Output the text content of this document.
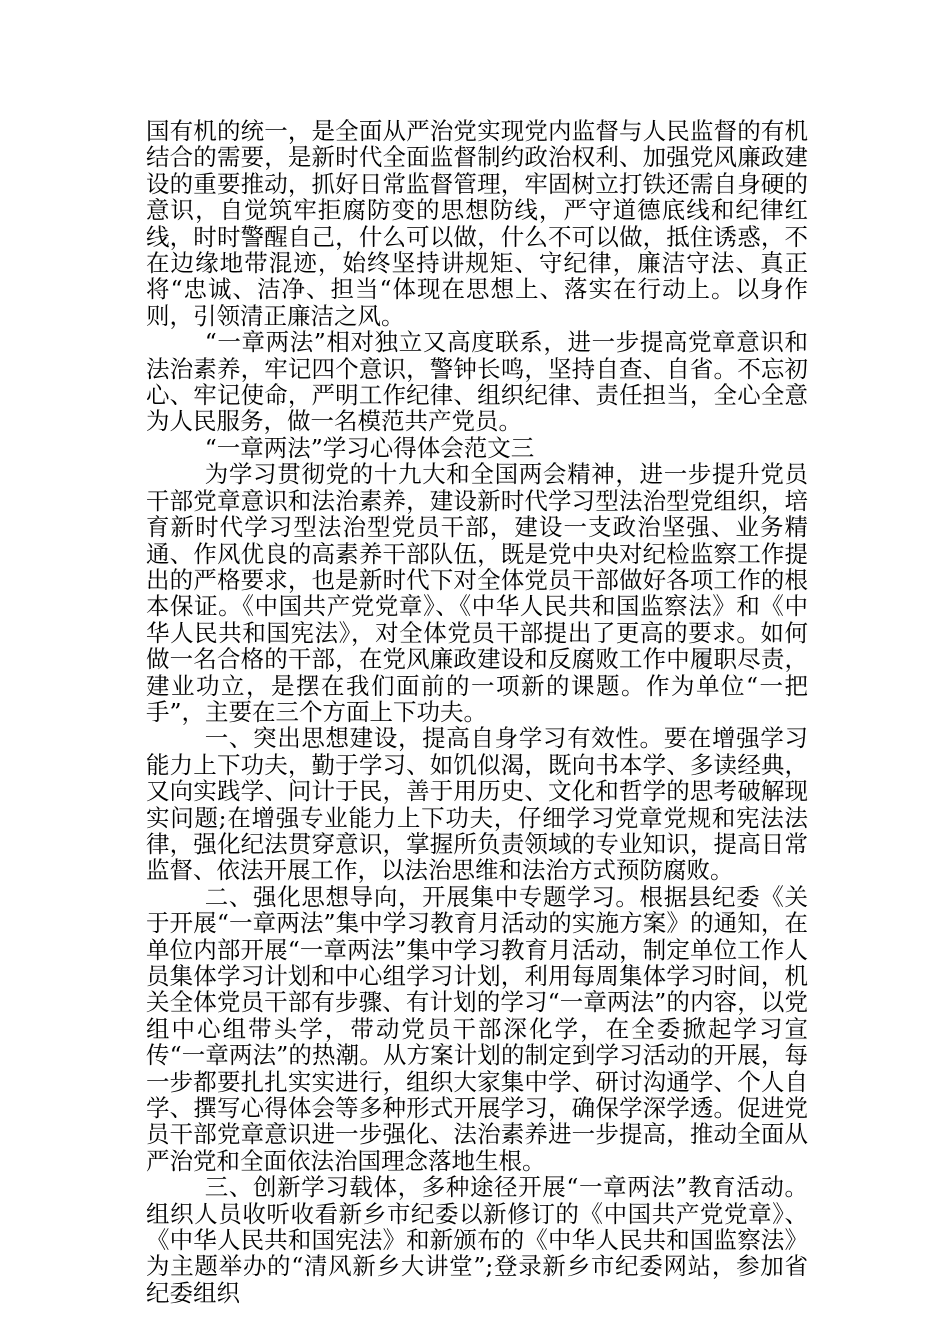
国有机的统一，是全面从严治党实现党内监督与人民监督的有机结合的需要，是新时代全面监督制约政治权利、加强党风廉政建设的重要推动，抓好日常监督管理，牢固树立打铁还需自身硬的意识，自觉筑牢拒腐防变的思想防线，严守道德底线和纪律红线，时时警醒自己，什么可以做，什么不可以做，抵住诱惑，不在边缘地带混迹，始终坚持讲规矩、守纪律，廉洁守法、真正将“忠诚、洁净、担当“体现在思想上、落实在行动上。以身作则，引领清正廉洁之风。

“一章两法”相对独立又高度联系，进一步提高党章意识和法治素养，牢记四个意识，警钟长鸣，坚持自查、自省。不忘初心、牢记使命，严明工作纪律、组织纪律、责任担当，全心全意为人民服务，做一名模范共产党员。

“一章两法”学习心得体会范文三

为学习贯彻党的十九大和全国两会精神，进一步提升党员干部党章意识和法治素养，建设新时代学习型法治型党组织，培育新时代学习型法治型党员干部，建设一支政治坚强、业务精通、作风优良的高素养干部队伍，既是党中央对纪检监察工作提出的严格要求，也是新时代下对全体党员干部做好各项工作的根本保证。《中国共产党党章》、《中华人民共和国监察法》和《中华人民共和国宪法》，对全体党员干部提出了更高的要求。如何做一名合格的干部，在党风廉政建设和反腐败工作中履职尽责，建业功立，是摆在我们面前的一项新的课题。作为单位“一把手”，主要在三个方面上下功夫。

一、突出思想建设，提高自身学习有效性。要在增强学习能力上下功夫，勤于学习、如饥似渴，既向书本学、多读经典，又向实践学、问计于民，善于用历史、文化和哲学的思考破解现实问题;在增强专业能力上下功夫，仔细学习党章党规和宪法法律，强化纪法贯穿意识，掌握所负责领域的专业知识，提高日常监督、依法开展工作，以法治思维和法治方式预防腐败。

二、强化思想导向，开展集中专题学习。根据县纪委《关于开展“一章两法”集中学习教育月活动的实施方案》的通知，在单位内部开展“一章两法”集中学习教育月活动，制定单位工作人员集体学习计划和中心组学习计划，利用每周集体学习时间，机关全体党员干部有步骤、有计划的学习“一章两法”的内容，以党组中心组带头学，带动党员干部深化学，在全委掀起学习宣传“一章两法”的热潮。从方案计划的制定到学习活动的开展，每一步都要扎扎实实进行，组织大家集中学、研讨沟通学、个人自学、撰写心得体会等多种形式开展学习，确保学深学透。促进党员干部党章意识进一步强化、法治素养进一步提高，推动全面从严治党和全面依法治国理念落地生根。

三、创新学习载体，多种途径开展“一章两法”教育活动。组织人员收听收看新乡市纪委以新修订的《中国共产党党章》、《中华人民共和国宪法》和新颁布的《中华人民共和国监察法》为主题举办的“清风新乡大讲堂”;登录新乡市纪委网站，参加省纪委组织
